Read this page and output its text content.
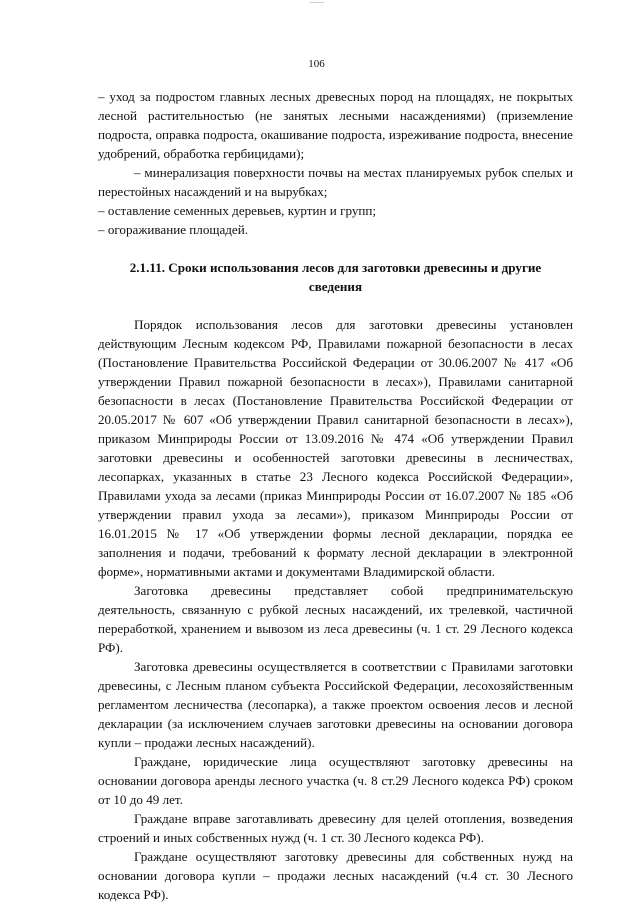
106

– уход за подростом главных лесных древесных пород на площадях, не покрытых лесной растительностью (не занятых лесными насаждениями) (приземление подроста, оправка подроста, окашивание подроста, изреживание подроста, внесение удобрений, обработка гербицидами);

– минерализация поверхности почвы на местах планируемых рубок спелых и перестойных насаждений и на вырубках;

– оставление семенных деревьев, куртин и групп;

– огораживание площадей.

2.1.11. Сроки использования лесов для заготовки древесины и другие сведения

Порядок использования лесов для заготовки древесины установлен действующим Лесным кодексом РФ, Правилами пожарной безопасности в лесах (Постановление Правительства Российской Федерации от 30.06.2007 № 417 «Об утверждении Правил пожарной безопасности в лесах»), Правилами санитарной безопасности в лесах (Постановление Правительства Российской Федерации от 20.05.2017 № 607 «Об утверждении Правил санитарной безопасности в лесах»), приказом Минприроды России от 13.09.2016 № 474 «Об утверждении Правил заготовки древесины и особенностей заготовки древесины в лесничествах, лесопарках, указанных в статье 23 Лесного кодекса Российской Федерации», Правилами ухода за лесами (приказ Минприроды России от 16.07.2007 № 185 «Об утверждении правил ухода за лесами»), приказом Минприроды России от 16.01.2015 № 17 «Об утверждении формы лесной декларации, порядка ее заполнения и подачи, требований к формату лесной декларации в электронной форме», нормативными актами и документами Владимирской области.

Заготовка древесины представляет собой предпринимательскую деятельность, связанную с рубкой лесных насаждений, их трелевкой, частичной переработкой, хранением и вывозом из леса древесины (ч. 1 ст. 29 Лесного кодекса РФ).

Заготовка древесины осуществляется в соответствии с Правилами заготовки древесины, с Лесным планом субъекта Российской Федерации, лесохозяйственным регламентом лесничества (лесопарка), а также проектом освоения лесов и лесной декларации (за исключением случаев заготовки древесины на основании договора купли – продажи лесных насаждений).

Граждане, юридические лица осуществляют заготовку древесины на основании договора аренды лесного участка (ч. 8 ст.29 Лесного кодекса РФ) сроком от 10 до 49 лет.

Граждане вправе заготавливать древесину для целей отопления, возведения строений и иных собственных нужд (ч. 1 ст. 30 Лесного кодекса РФ).

Граждане осуществляют заготовку древесины для собственных нужд на основании договора купли – продажи лесных насаждений (ч.4 ст. 30 Лесного кодекса РФ).
